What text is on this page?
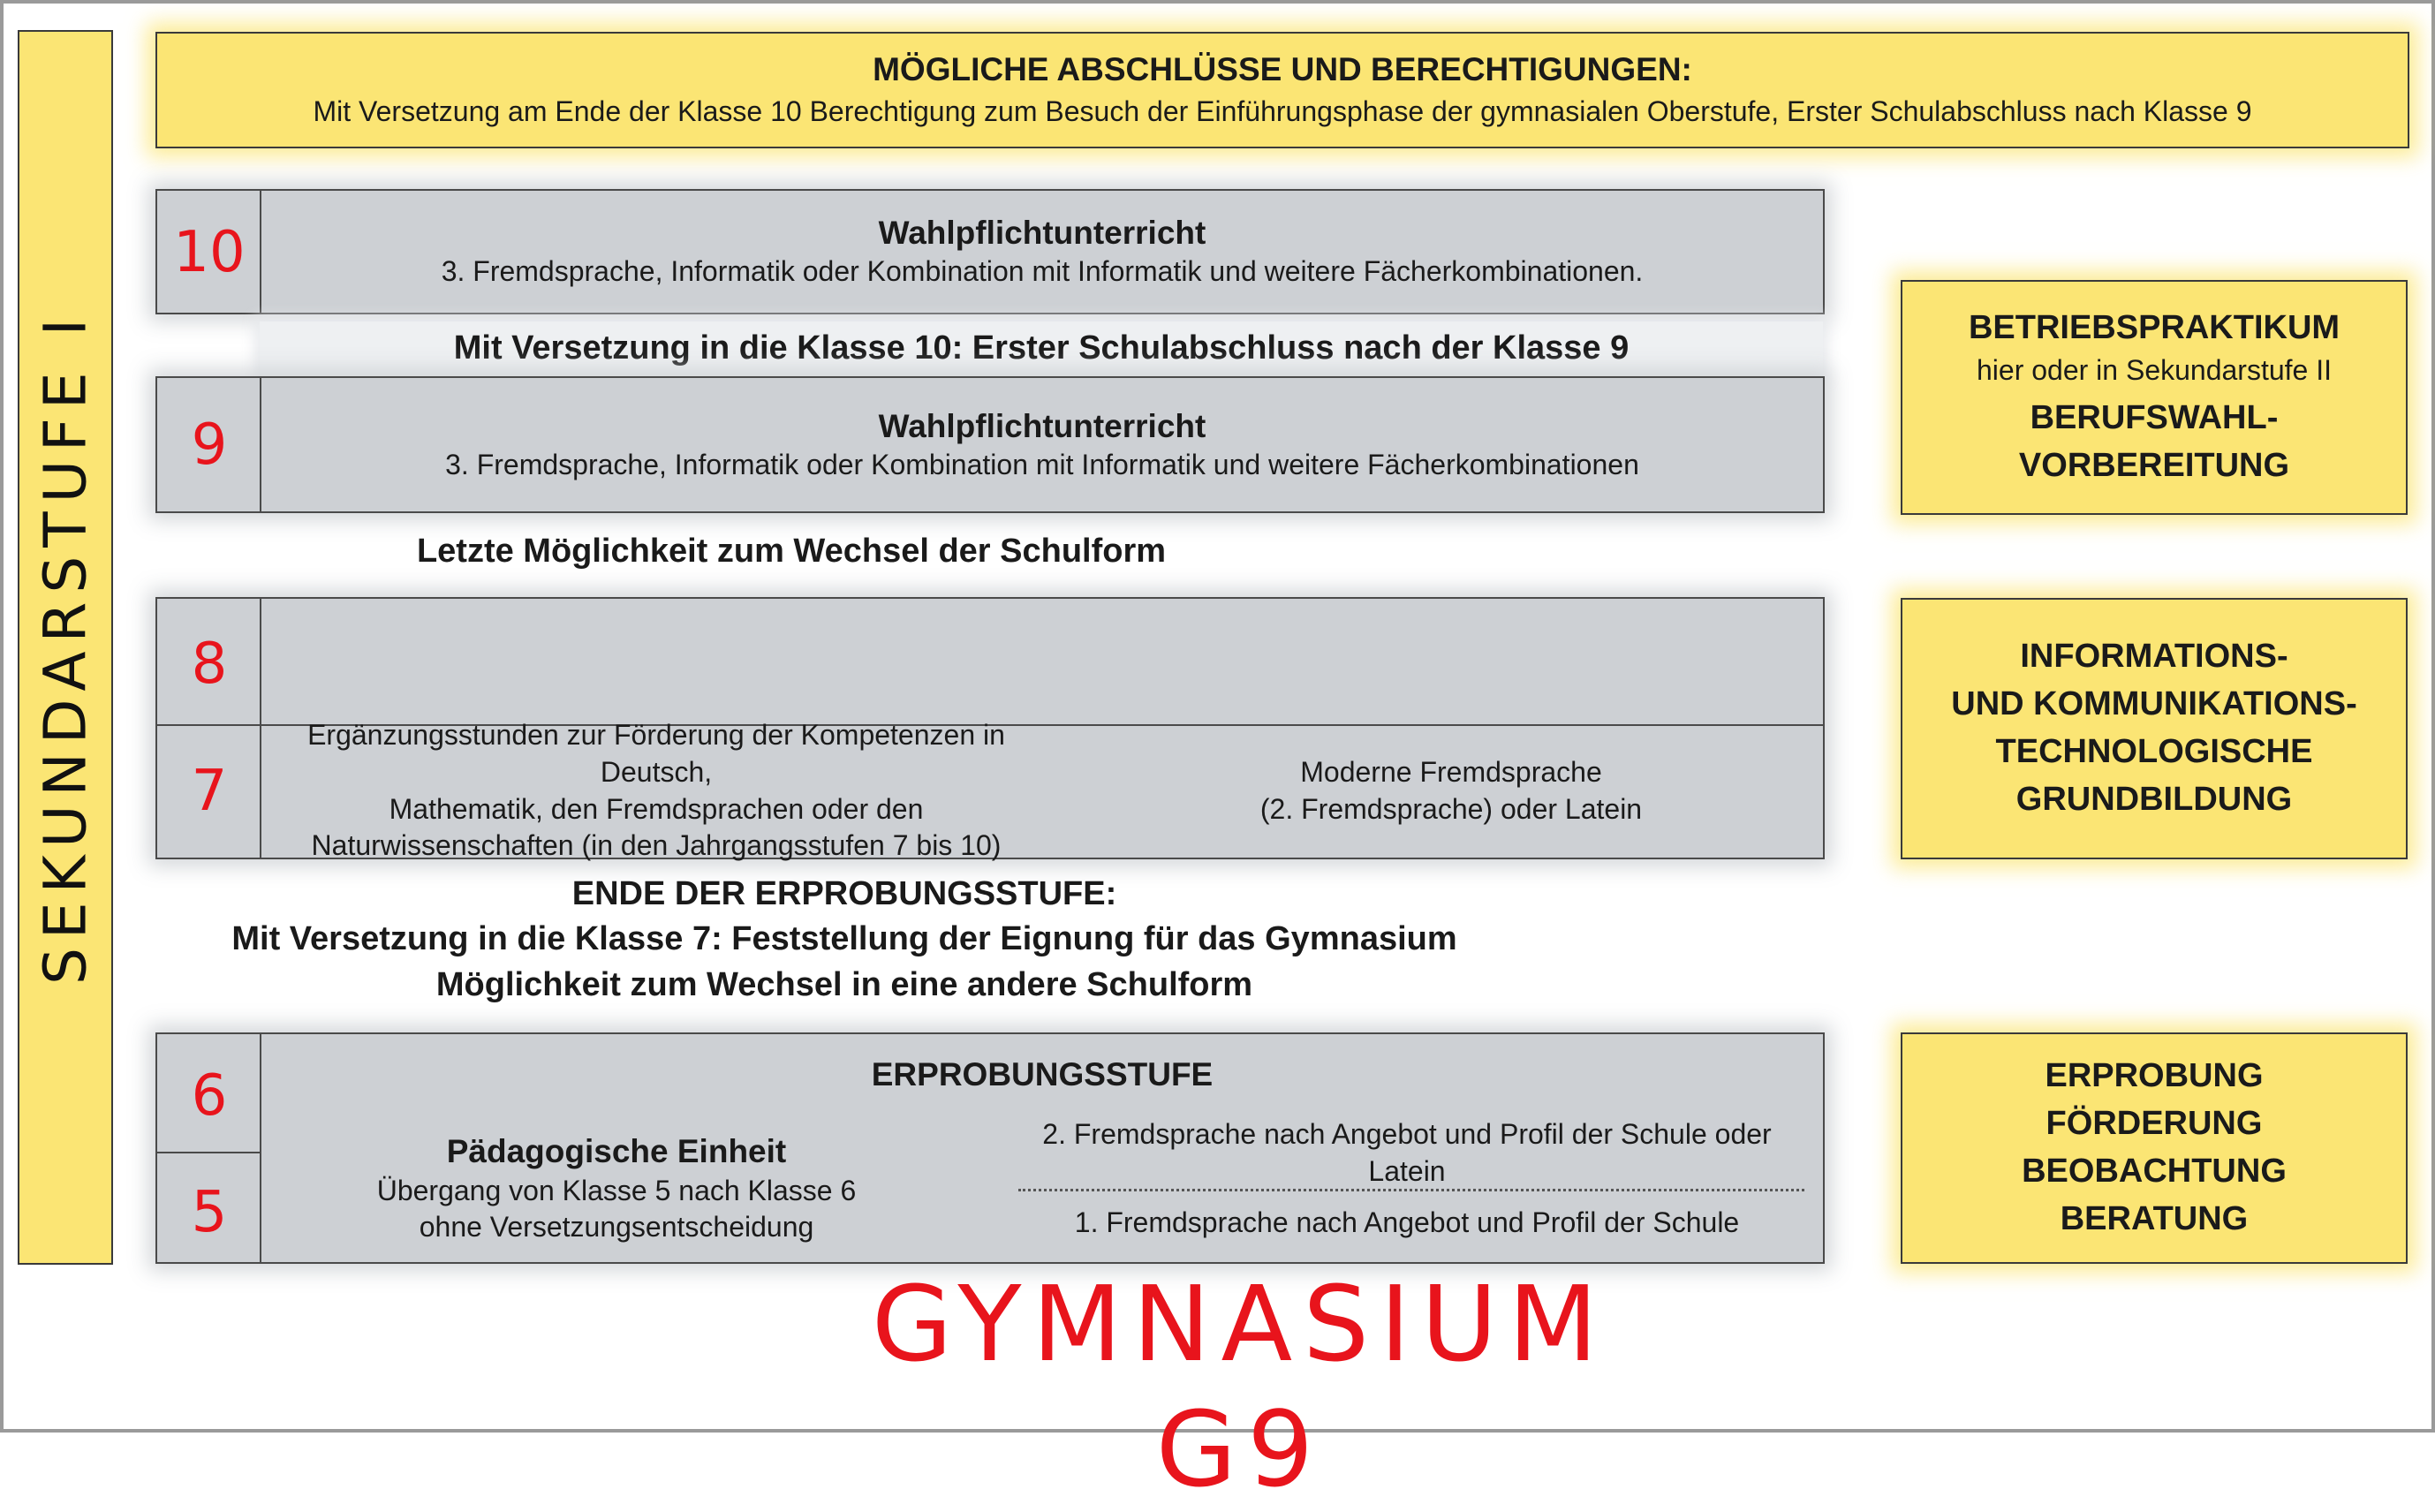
SEKUNDARSTUFE I
MÖGLICHE ABSCHLÜSSE UND BERECHTIGUNGEN:
Mit Versetzung am Ende der Klasse 10 Berechtigung zum Besuch der Einführungsphase der gymnasialen Oberstufe, Erster Schulabschluss nach Klasse 9
10	Wahlpflichtunterricht
3. Fremdsprache, Informatik oder Kombination mit Informatik und weitere Fächerkombinationen.
Mit Versetzung in die Klasse 10: Erster Schulabschluss nach der Klasse 9
9	Wahlpflichtunterricht
3. Fremdsprache, Informatik oder Kombination mit Informatik und weitere Fächerkombinationen
Letzte Möglichkeit zum Wechsel der Schulform
8
7
Ergänzungsstunden zur Förderung der Kompetenzen in Deutsch,
Mathematik, den Fremdsprachen oder den
Naturwissenschaften (in den Jahrgangsstufen 7 bis 10)
Moderne Fremdsprache
(2. Fremdsprache) oder Latein
ENDE DER ERPROBUNGSSTUFE:
Mit Versetzung in die Klasse 7: Feststellung der Eignung für das Gymnasium
Möglichkeit zum Wechsel in eine andere Schulform
6
5
ERPROBUNGSSTUFE
Pädagogische Einheit
Übergang von Klasse 5 nach Klasse 6
ohne Versetzungsentscheidung
2. Fremdsprache nach Angebot und Profil der Schule oder Latein
1. Fremdsprache nach Angebot und Profil der Schule
BETRIEBSPRAKTIKUM
hier oder in Sekundarstufe II
BERUFSWAHL-
VORBEREITUNG
INFORMATIONS-
UND KOMMUNIKATIONS-
TECHNOLOGISCHE
GRUNDBILDUNG
ERPROBUNG
FÖRDERUNG
BEOBACHTUNG
BERATUNG
GYMNASIUM G9
